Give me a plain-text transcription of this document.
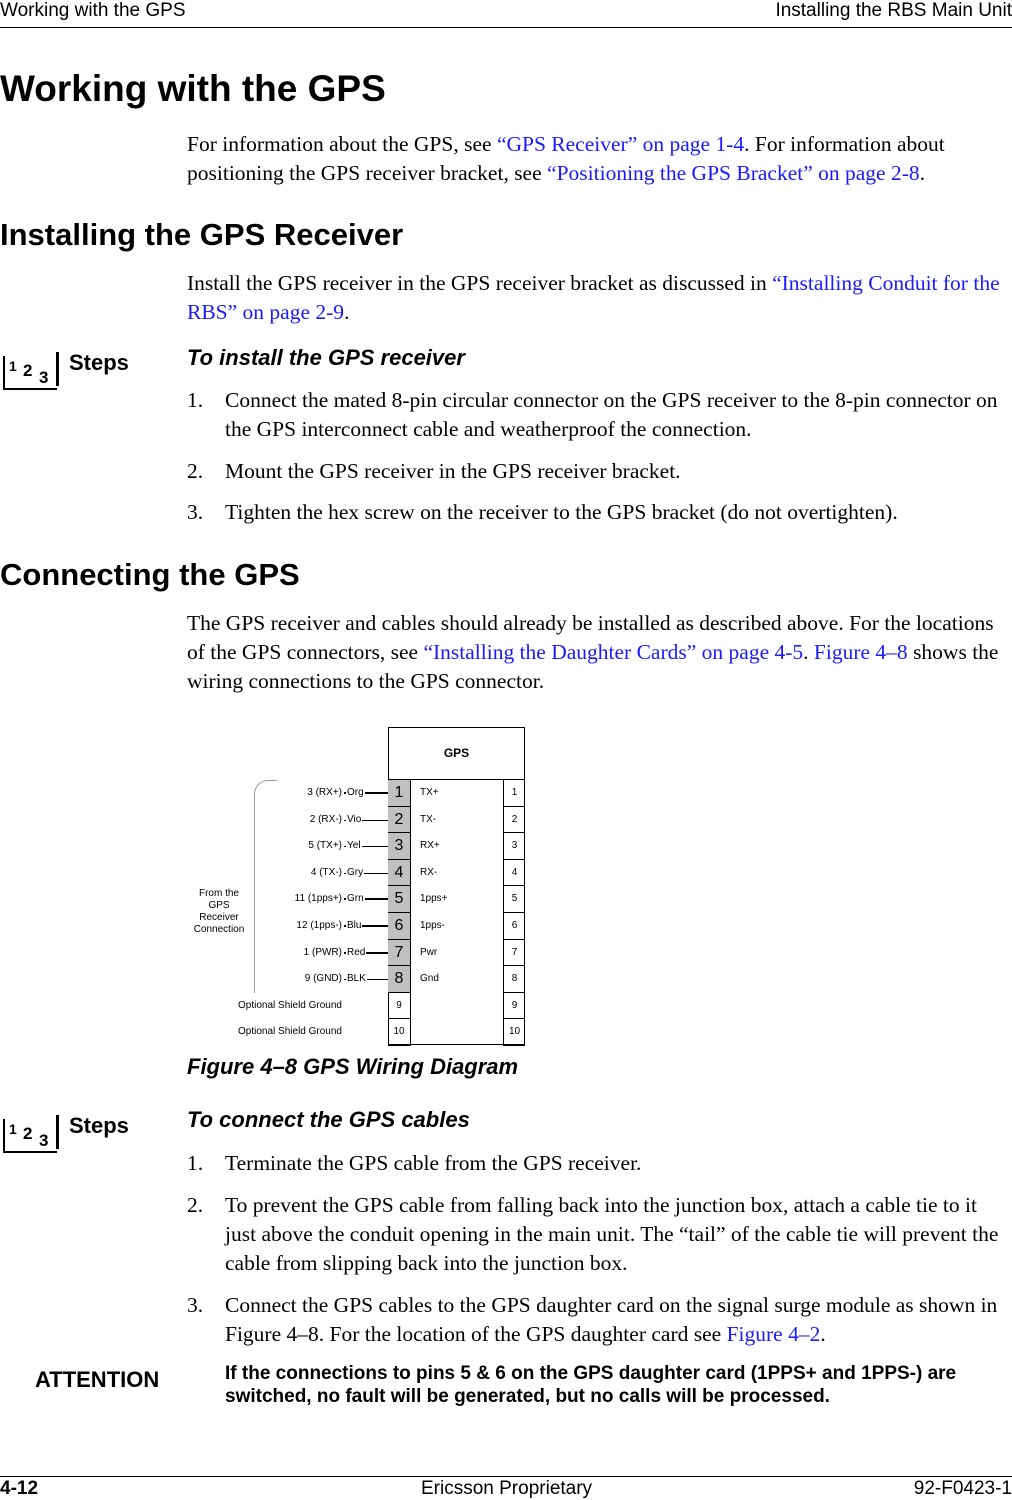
Working with the GPS	Installing the RBS Main Unit
Working with the GPS
For information about the GPS, see “GPS Receiver” on page 1-4. For information about positioning the GPS receiver bracket, see “Positioning the GPS Bracket” on page 2-8.
Installing the GPS Receiver
Install the GPS receiver in the GPS receiver bracket as discussed in “Installing Conduit for the RBS” on page 2-9.
1 2 3
Steps	To install the GPS receiver
1. Connect the mated 8-pin circular connector on the GPS receiver to the 8-pin connector on the GPS interconnect cable and weatherproof the connection.
2. Mount the GPS receiver in the GPS receiver bracket.
3. Tighten the hex screw on the receiver to the GPS bracket (do not overtighten).
Connecting the GPS
The GPS receiver and cables should already be installed as described above. For the locations of the GPS connectors, see “Installing the Daughter Cards” on page 4-5. Figure 4–8 shows the wiring connections to the GPS connector.
From the GPS Receiver Connection
GPS
Org
3 (RX+)	1	TX+	1
Vio
2 (RX-)	2	TX-	2
Yel
5 (TX+)	3	RX+	3
Gry
4 (TX-)	4	RX-	4
Grn
11 (1pps+)	5	1pps+	5
Blu
12 (1pps-)	6	1pps-	6
Red
1 (PWR)	7	Pwr	7
BLK
9 (GND)	8	Gnd	8
Optional Shield Ground	9	9
Optional Shield Ground	10	10
Figure 4–8 GPS Wiring Diagram
1 2 3
Steps	To connect the GPS cables
1. Terminate the GPS cable from the GPS receiver.
2. To prevent the GPS cable from falling back into the junction box, attach a cable tie to it just above the conduit opening in the main unit. The “tail” of the cable tie will prevent the cable from slipping back into the junction box.
3. Connect the GPS cables to the GPS daughter card on the signal surge module as shown in Figure 4–8. For the location of the GPS daughter card see Figure 4–2.
ATTENTION	If the connections to pins 5 & 6 on the GPS daughter card (1PPS+ and 1PPS-) are switched, no fault will be generated, but no calls will be processed.
4-12	Ericsson Proprietary	92-F0423-1
